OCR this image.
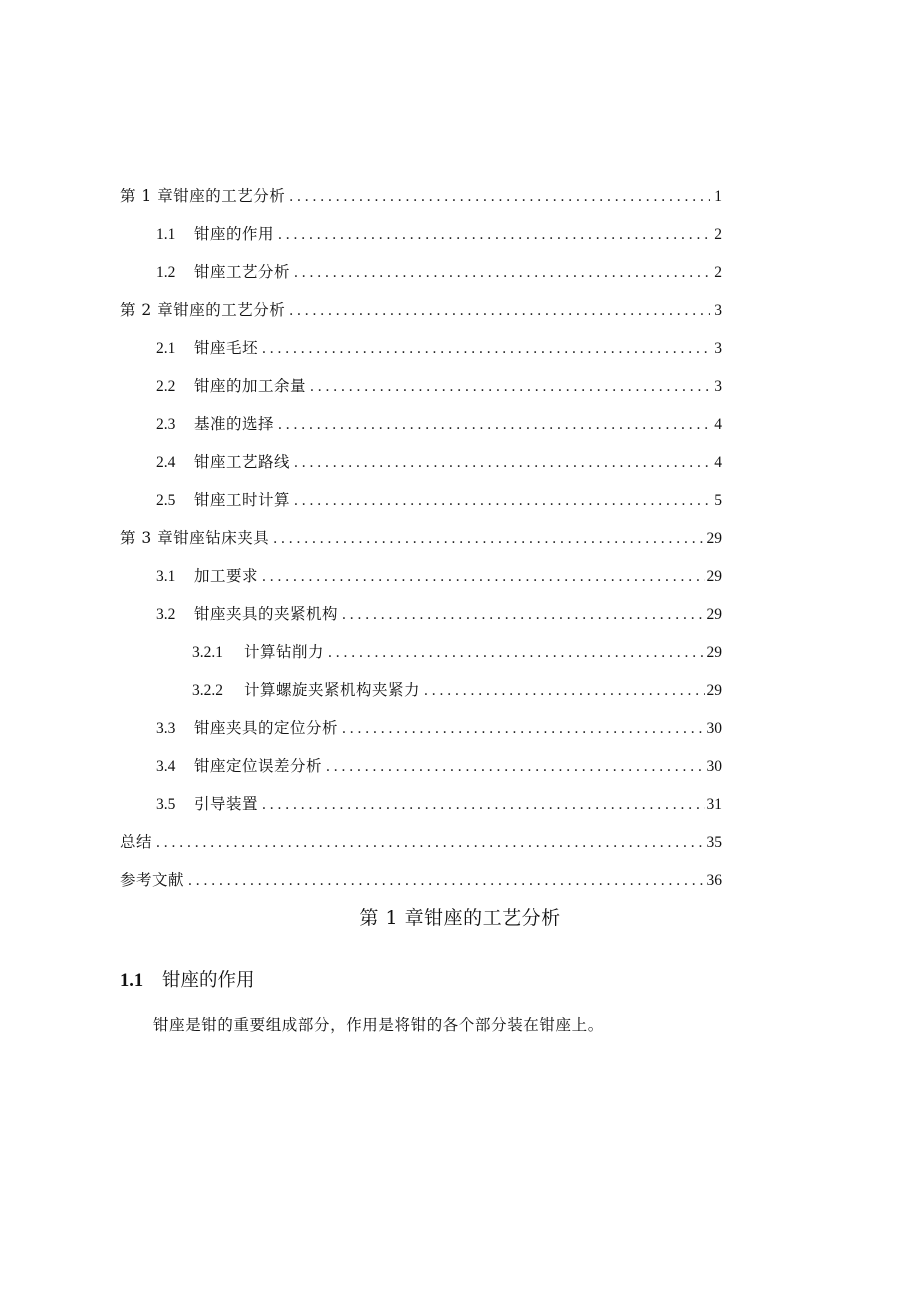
第 1 章钳座的工艺分析 . . .	1
1.1	钳座的作用 . . .	2
1.2	钳座工艺分析 . . .	2
第 2 章钳座的工艺分析 . . .	3
2.1	钳座毛坯 . . .	3
2.2	钳座的加工余量 . . .	3
2.3	基准的选择 . . .	4
2.4	钳座工艺路线 . . .	4
2.5	钳座工时计算 . . .	5
第 3 章钳座钻床夹具 . . .	29
3.1	加工要求 . . .	29
3.2	钳座夹具的夹紧机构 . . .	29
3.2.1	计算钻削力 . . .	29
3.2.2	计算螺旋夹紧机构夹紧力 . . .	29
3.3	钳座夹具的定位分析 . . .	30
3.4	钳座定位误差分析 . . .	30
3.5	引导装置 . . .	31
总结 . . .	35
参考文献 . . .	36
第 1 章钳座的工艺分析
1.1	钳座的作用
钳座是钳的重要组成部分，作用是将钳的各个部分装在钳座上。
